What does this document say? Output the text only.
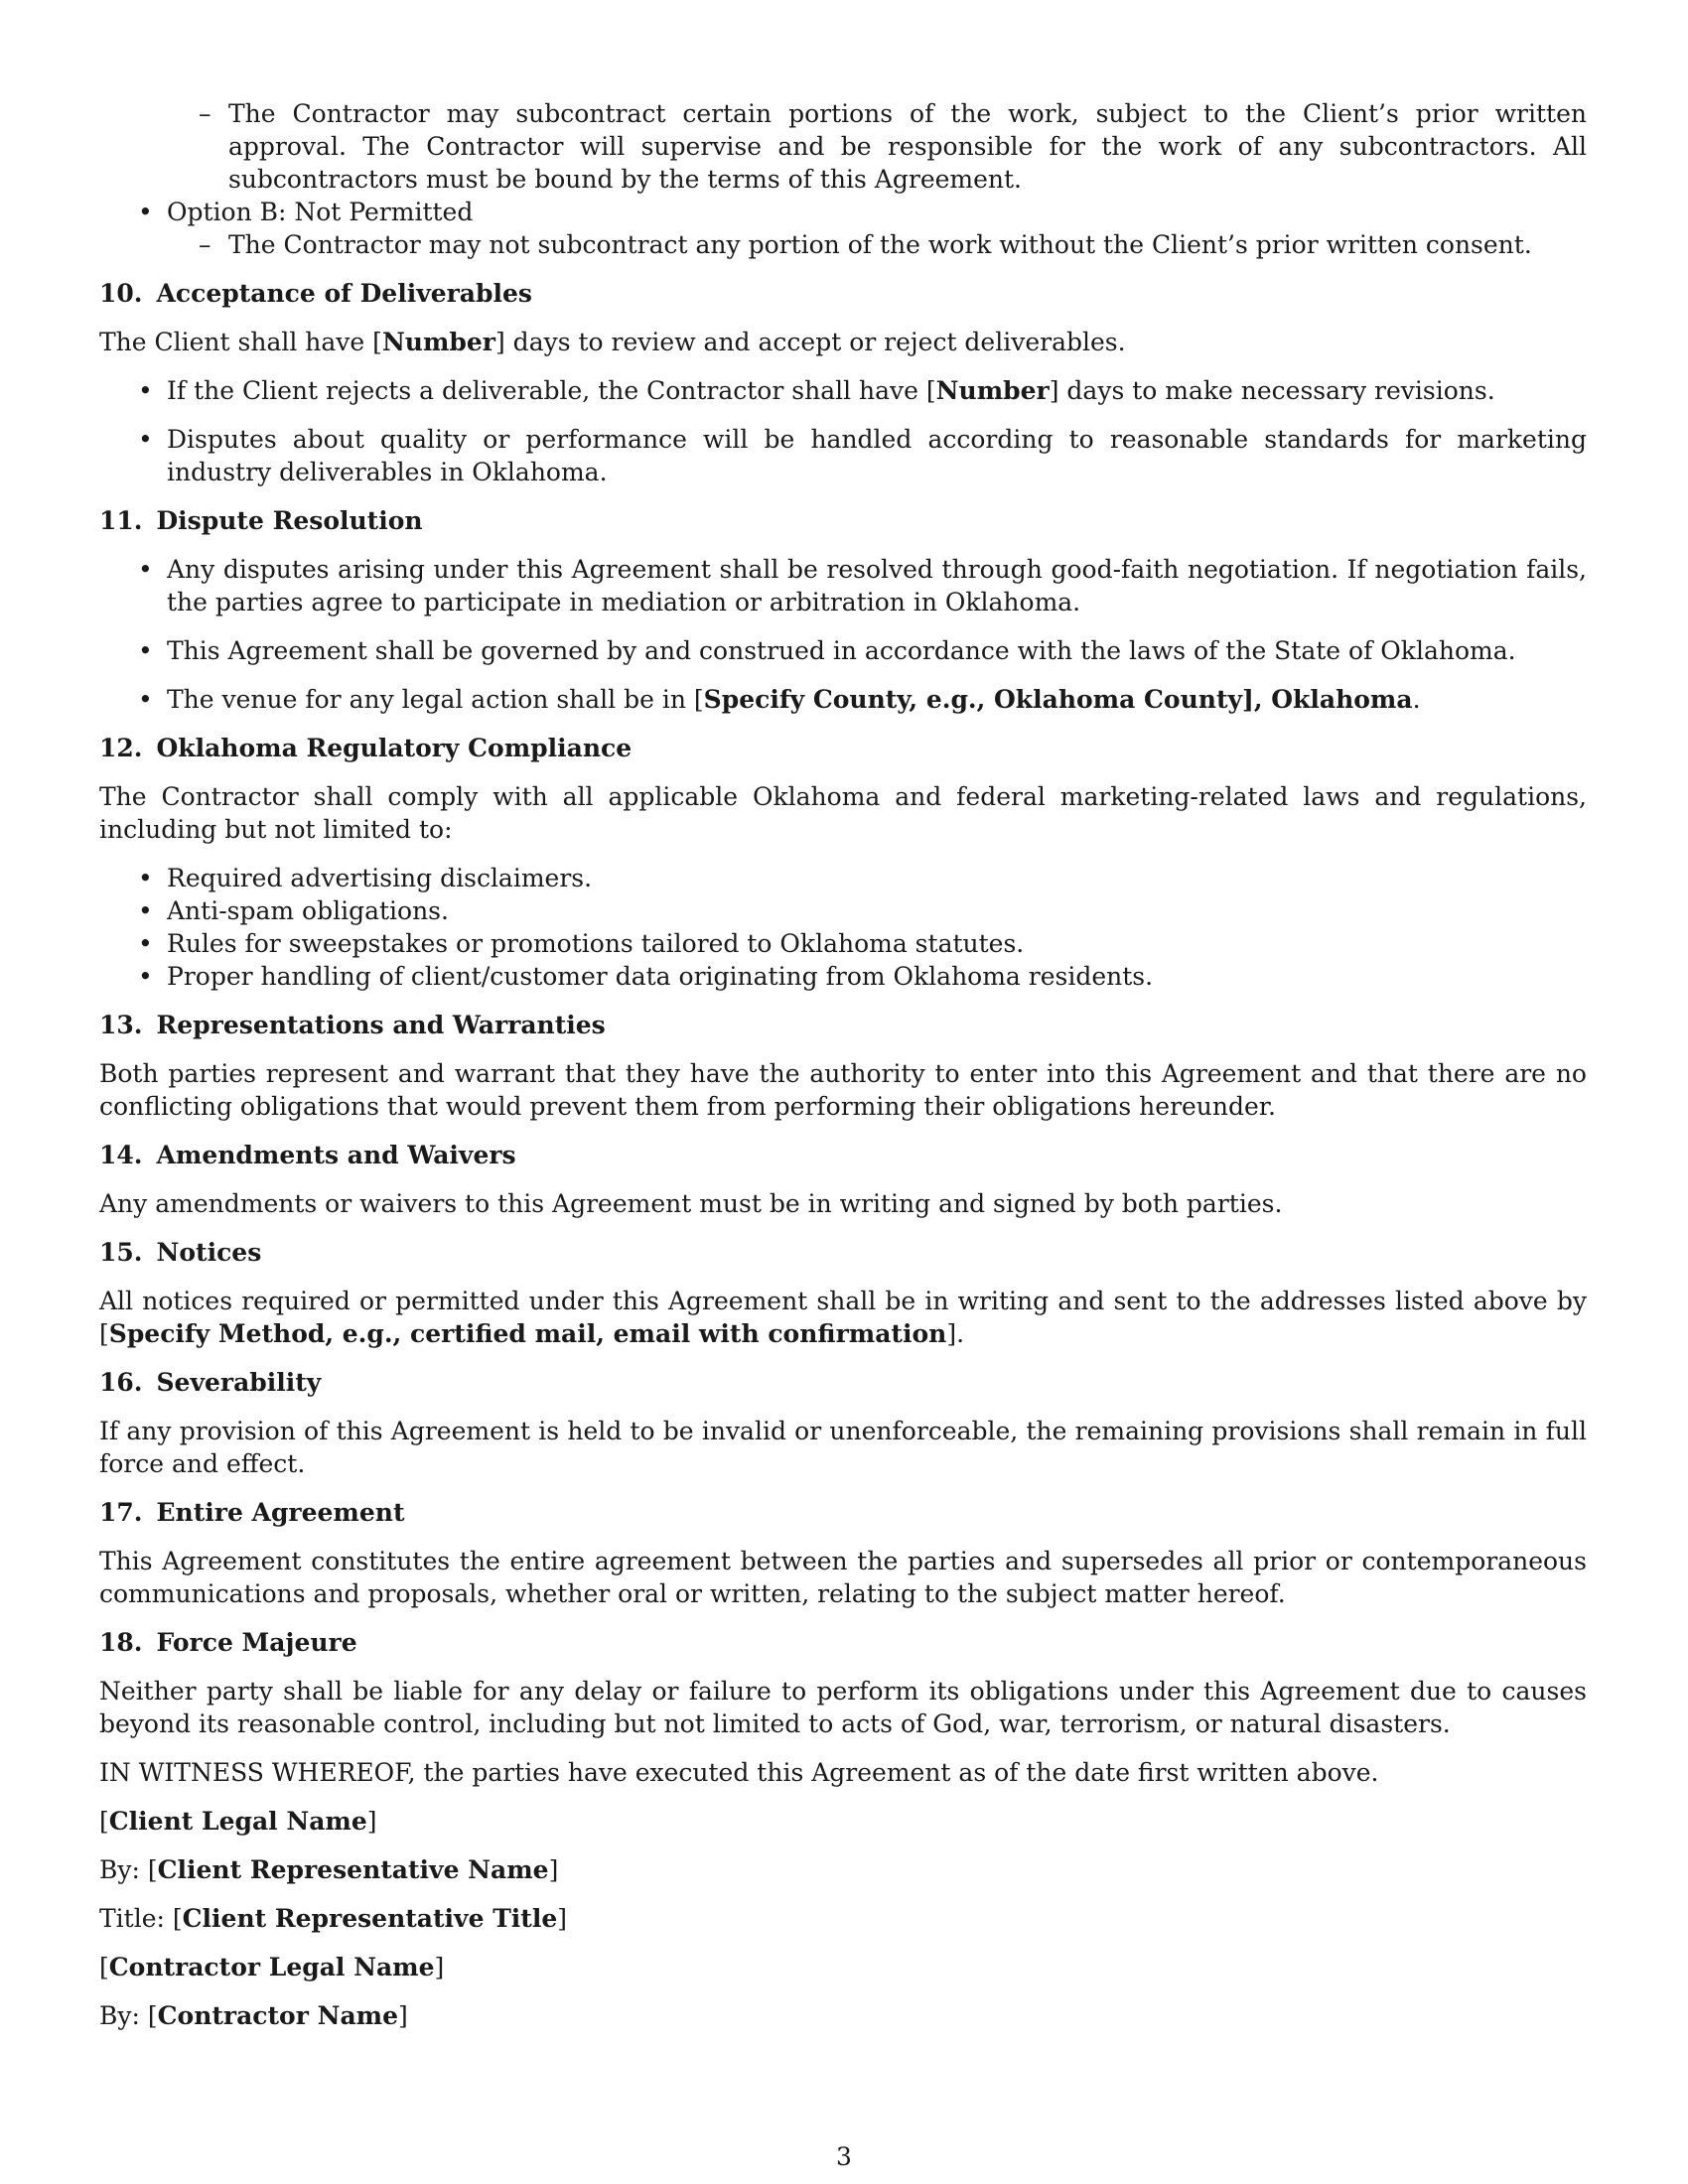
– The Contractor may subcontract certain portions of the work, subject to the Client’s prior written approval. The Contractor will supervise and be responsible for the work of any subcontractors. All subcontractors must be bound by the terms of this Agreement.
• Option B: Not Permitted
– The Contractor may not subcontract any portion of the work without the Client’s prior written consent.

10. Acceptance of Deliverables

The Client shall have [Number] days to review and accept or reject deliverables.

• If the Client rejects a deliverable, the Contractor shall have [Number] days to make necessary revisions.
• Disputes about quality or performance will be handled according to reasonable standards for marketing industry deliverables in Oklahoma.

11. Dispute Resolution

• Any disputes arising under this Agreement shall be resolved through good-faith negotiation. If negotiation fails, the parties agree to participate in mediation or arbitration in Oklahoma.
• This Agreement shall be governed by and construed in accordance with the laws of the State of Oklahoma.
• The venue for any legal action shall be in [Specify County, e.g., Oklahoma County], Oklahoma.

12. Oklahoma Regulatory Compliance

The Contractor shall comply with all applicable Oklahoma and federal marketing-related laws and regulations, including but not limited to:

• Required advertising disclaimers.
• Anti-spam obligations.
• Rules for sweepstakes or promotions tailored to Oklahoma statutes.
• Proper handling of client/customer data originating from Oklahoma residents.

13. Representations and Warranties

Both parties represent and warrant that they have the authority to enter into this Agreement and that there are no conflicting obligations that would prevent them from performing their obligations hereunder.

14. Amendments and Waivers

Any amendments or waivers to this Agreement must be in writing and signed by both parties.

15. Notices

All notices required or permitted under this Agreement shall be in writing and sent to the addresses listed above by [Specify Method, e.g., certified mail, email with confirmation].

16. Severability

If any provision of this Agreement is held to be invalid or unenforceable, the remaining provisions shall remain in full force and effect.

17. Entire Agreement

This Agreement constitutes the entire agreement between the parties and supersedes all prior or contemporaneous communications and proposals, whether oral or written, relating to the subject matter hereof.

18. Force Majeure

Neither party shall be liable for any delay or failure to perform its obligations under this Agreement due to causes beyond its reasonable control, including but not limited to acts of God, war, terrorism, or natural disasters.

IN WITNESS WHEREOF, the parties have executed this Agreement as of the date first written above.

[Client Legal Name]

By: [Client Representative Name]

Title: [Client Representative Title]

[Contractor Legal Name]

By: [Contractor Name]

3
